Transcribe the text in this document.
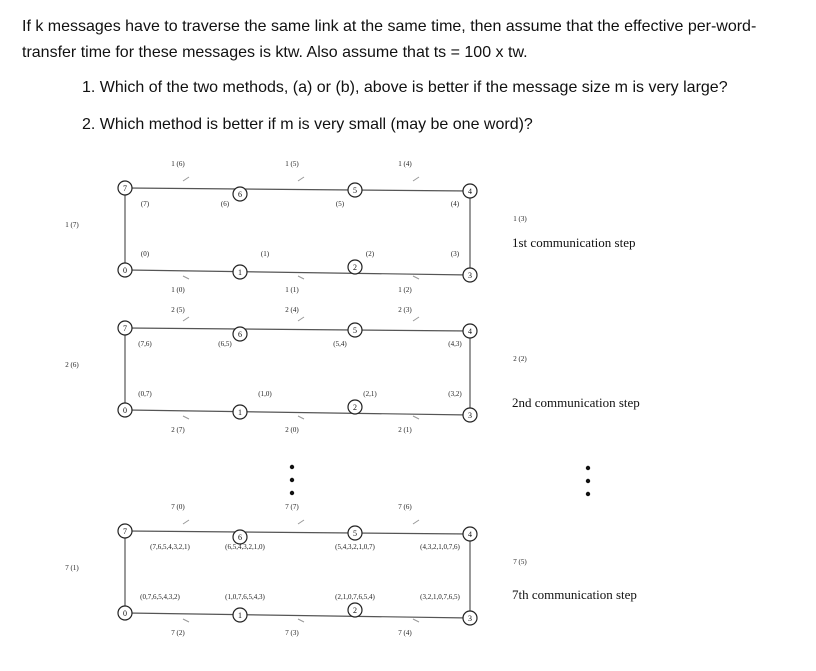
If k messages have to traverse the same link at the same time, then assume that the effective per-word-transfer time for these messages is ktw. Also assume that ts = 100 x tw.

1. Which of the two methods, (a) or (b), above is better if the message size m is very large?

2. Which method is better if m is very small (may be one word)?

7
6	5	4
0	1
2
3
1 (6)	1 (5)	1 (4)
1 (0)	1 (1)	1 (2)
1 (7)
1 (3)
(7)	(6)	(5)	(4)
(0)	(1)	(2)	(3)
1st communication step
7
6	5	4
0	1
2
3
2 (5)	2 (4)	2 (3)
2 (7)	2 (0)	2 (1)
2 (6)
2 (2)
(7,6)	(6,5)	(5,4)	(4,3)
(0,7)	(1,0)	(2,1)	(3,2)
2nd communication step
7
6	5	4
0	1
2
3
7 (0)	7 (7)	7 (6)
7 (2)	7 (3)	7 (4)
7 (1)
7 (5)
(7,6,5,4,3,2,1)	(6,5,4,3,2,1,0)	(5,4,3,2,1,0,7)	(4,3,2,1,0,7,6)
(0,7,6,5,4,3,2)	(1,0,7,6,5,4,3)	(2,1,0,7,6,5,4)	(3,2,1,0,7,6,5)	7th communication step
